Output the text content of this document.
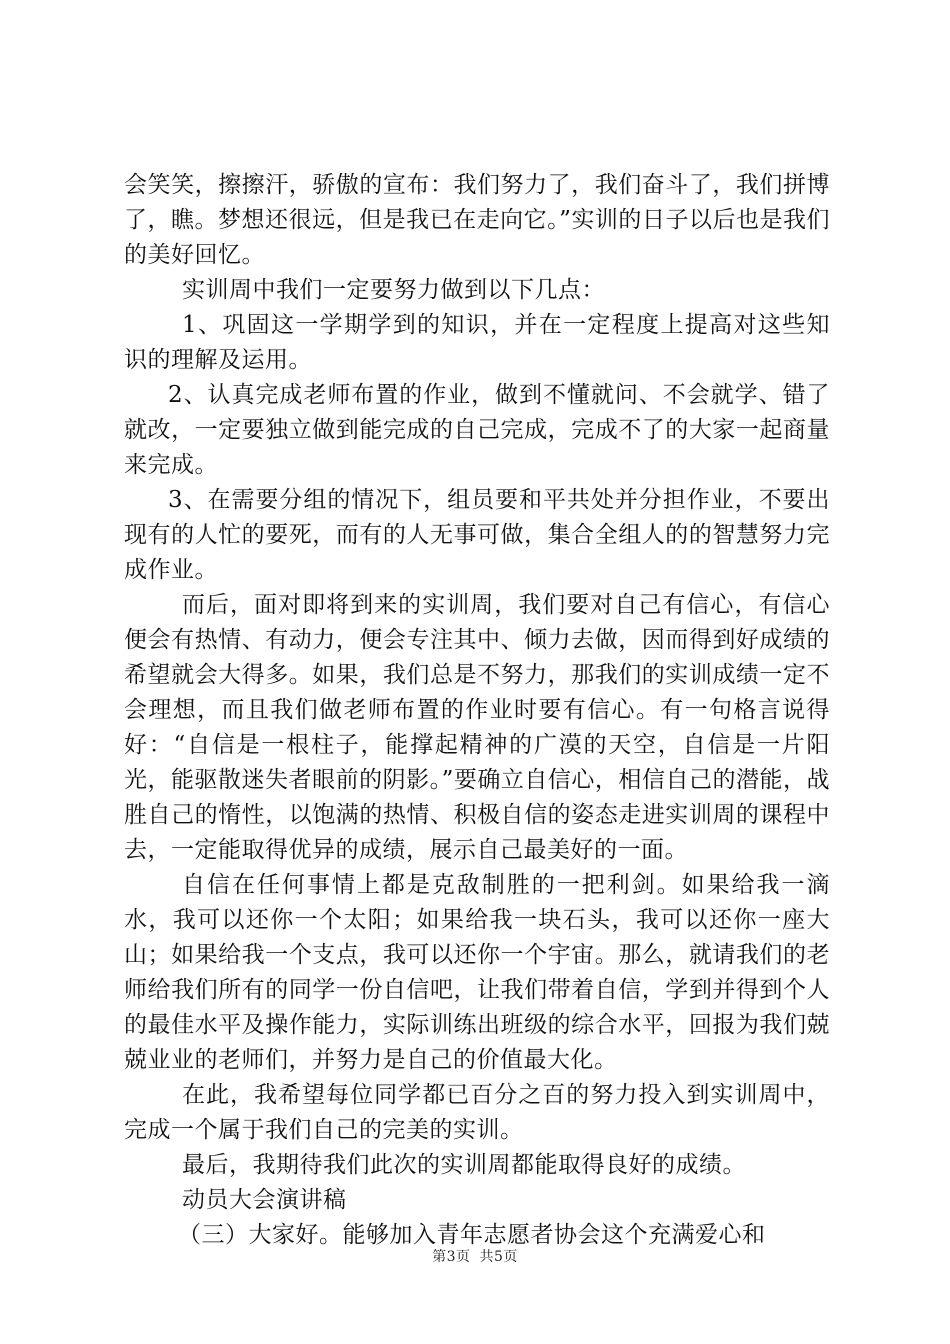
会笑笑，擦擦汗，骄傲的宣布：我们努力了，我们奋斗了，我们拼博了，瞧。梦想还很远，但是我已在走向它。”实训的日子以后也是我们的美好回忆。

实训周中我们一定要努力做到以下几点：

1、巩固这一学期学到的知识，并在一定程度上提高对这些知识的理解及运用。

2、认真完成老师布置的作业，做到不懂就问、不会就学、错了就改，一定要独立做到能完成的自己完成，完成不了的大家一起商量来完成。

3、在需要分组的情况下，组员要和平共处并分担作业，不要出现有的人忙的要死，而有的人无事可做，集合全组人的的智慧努力完成作业。

而后，面对即将到来的实训周，我们要对自己有信心，有信心便会有热情、有动力，便会专注其中、倾力去做，因而得到好成绩的希望就会大得多。如果，我们总是不努力，那我们的实训成绩一定不会理想，而且我们做老师布置的作业时要有信心。有一句格言说得好：“自信是一根柱子，能撑起精神的广漠的天空，自信是一片阳光，能驱散迷失者眼前的阴影。”要确立自信心，相信自己的潜能，战胜自己的惰性，以饱满的热情、积极自信的姿态走进实训周的课程中去，一定能取得优异的成绩，展示自己最美好的一面。

自信在任何事情上都是克敌制胜的一把利剑。如果给我一滴水，我可以还你一个太阳；如果给我一块石头，我可以还你一座大山；如果给我一个支点，我可以还你一个宇宙。那么，就请我们的老师给我们所有的同学一份自信吧，让我们带着自信，学到并得到个人的最佳水平及操作能力，实际训练出班级的综合水平，回报为我们兢兢业业的老师们，并努力是自己的价值最大化。

在此，我希望每位同学都已百分之百的努力投入到实训周中，完成一个属于我们自己的完美的实训。

最后，我期待我们此次的实训周都能取得良好的成绩。

动员大会演讲稿

（三）大家好。能够加入青年志愿者协会这个充满爱心和

第3页 共5页
